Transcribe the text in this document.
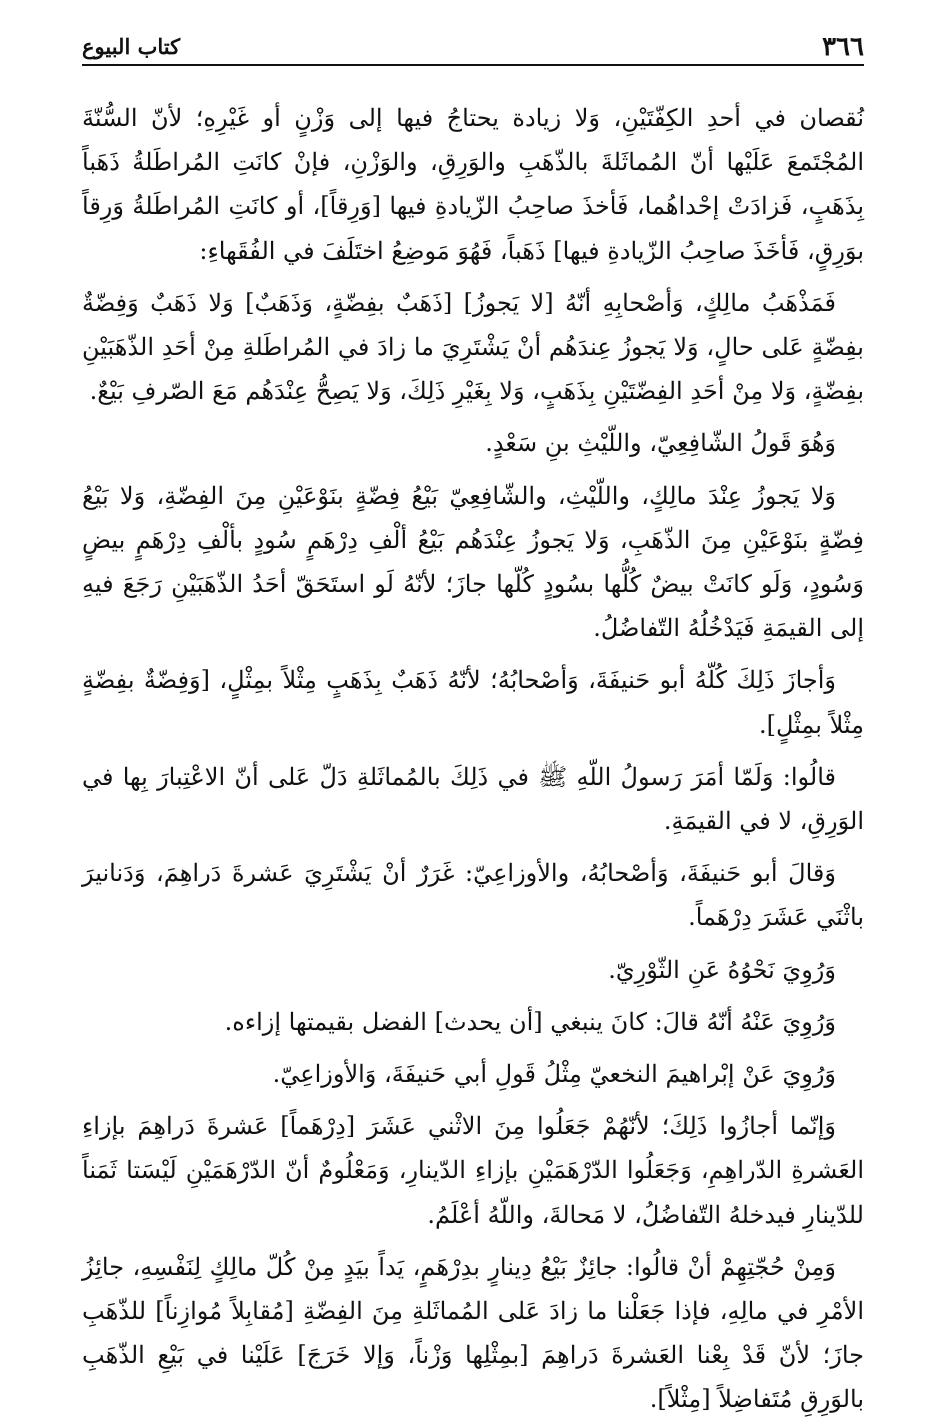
٣٦٦
كتاب البيوع

نُقصان في أحدِ الكِفّتَيْنِ، وَلا زيادة يحتاجُ فيها إلى وَزْنٍ أو غَيْرِهِ؛ لأنّ السُّنّةَ المُجْتَمعَ عَلَيْها أنّ المُماثَلةَ بالذّهَبِ والوَرِقِ، والوَزْنِ، فإنْ كانَتِ المُراطَلةُ ذَهَباً بِذَهَبٍ، فَزادَتْ إحْداهُما، فَأخذَ صاحِبُ الزّيادةِ فيها [وَرِقاً]، أو كانَتِ المُراطَلةُ وَرِقاً بوَرِقٍ، فَأخَذَ صاحِبُ الزّيادةِ فيها] ذَهَباً، فَهُوَ مَوضِعُ اختَلَفَ في الفُقَهاءِ:

فَمَذْهَبُ مالِكٍ، وَأصْحابِهِ أنّهُ [لا يَجوزُ] [ذَهَبٌ بفِضّةٍ، وَذَهَبٌ] وَلا ذَهَبٌ وَفِضّةٌ بفِضّةٍ عَلى حالٍ، وَلا يَجوزُ عِندَهُم أنْ يَشْتَرِيَ ما زادَ في المُراطَلةِ مِنْ أحَدِ الذّهَبَيْنِ بفِضّةٍ، وَلا مِنْ أحَدِ الفِضّتَيْنِ بِذَهَبٍ، وَلا بِغَيْرِ ذَلِكَ، وَلا يَصِحُّ عِنْدَهُم مَعَ الصّرفِ بَيْعٌ.

وَهُوَ قَولُ الشّافِعِيّ، واللّيْثِ بنِ سَعْدٍ.

وَلا يَجوزُ عِنْدَ مالِكٍ، واللّيْثِ، والشّافِعِيّ بَيْعُ فِضّةٍ بنَوْعَيْنِ مِنَ الفِضّةِ، وَلا بَيْعُ فِضّةٍ بنَوْعَيْنِ مِنَ الذّهَبِ، وَلا يَجوزُ عِنْدَهُم بَيْعُ ألْفِ دِرْهَمٍ سُودٍ بألْفِ دِرْهَمٍ بيضٍ وَسُودٍ، وَلَو كانَتْ بيضٌ كُلُّها بسُودٍ كُلّها جازَ؛ لأنّهُ لَو استَحَقّ أحَدُ الذّهَبَيْنِ رَجَعَ فيهِ إلى القيمَةِ فَيَدْخُلُهُ التّفاضُلُ.

وَأجازَ ذَلِكَ كُلّهُ أبو حَنيفَةَ، وَأصْحابُهُ؛ لأنّهُ ذَهَبٌ بِذَهَبٍ مِثْلاً بمِثْلٍ، [وَفِضّةٌ بفِضّةٍ مِثْلاً بمِثْلٍ].

قالُوا: وَلَمّا أمَرَ رَسولُ اللّهِ ﷺ في ذَلِكَ بالمُماثَلةِ دَلّ عَلى أنّ الاعْتِبارَ بِها في الوَرِقِ، لا في القيمَةِ.

وَقالَ أبو حَنيفَةَ، وَأصْحابُهُ، والأوزاعِيّ: غَرَرٌ أنْ يَشْتَرِيَ عَشرةَ دَراهِمَ، وَدَنانيرَ باثْنَي عَشَرَ دِرْهَماً.

وَرُوِيَ نَحْوُهُ عَنِ الثّوْرِيّ.

وَرُوِيَ عَنْهُ أنّهُ قالَ: كانَ ينبغي [أن يحدث] الفضل بقيمتها إزاءه.

وَرُوِيَ عَنْ إبْراهيمَ النخعيّ مِثْلُ قَولِ أبي حَنيفَةَ، وَالأوزاعِيّ.

وَإنّما أجازُوا ذَلِكَ؛ لأنّهُمْ جَعَلُوا مِنَ الاثْني عَشَرَ [دِرْهَماً] عَشرةَ دَراهِمَ بإزاءِ العَشرةِ الدّراهِمِ، وَجَعَلُوا الدّرْهَمَيْنِ بإزاءِ الدّينارِ، وَمَعْلُومٌ أنّ الدّرْهَمَيْنِ لَيْسَتا ثَمَناً للدّينارِ فيدخلهُ التّفاضُلُ، لا مَحالةَ، واللّهُ أعْلَمُ.

وَمِنْ حُجّتِهِمْ أنْ قالُوا: جائِزٌ بَيْعُ دِينارٍ بدِرْهَمٍ، يَداً بيَدٍ مِنْ كُلّ مالِكٍ لِنَفْسِهِ، جائِزُ الأمْرِ في مالِهِ، فإذا جَعَلْنا ما زادَ عَلى المُماثَلةِ مِنَ الفِضّةِ [مُقابِلاً مُوازِناً] للذّهَبِ جازَ؛ لأنّ قَدْ بِعْنا العَشرةَ دَراهِمَ [بمِثْلِها وَزْناً، وَإلا خَرَجَ] عَلَيْنا في بَيْعِ الذّهَبِ بالوَرِقِ مُتَفاضِلاً [مِثْلاً].
